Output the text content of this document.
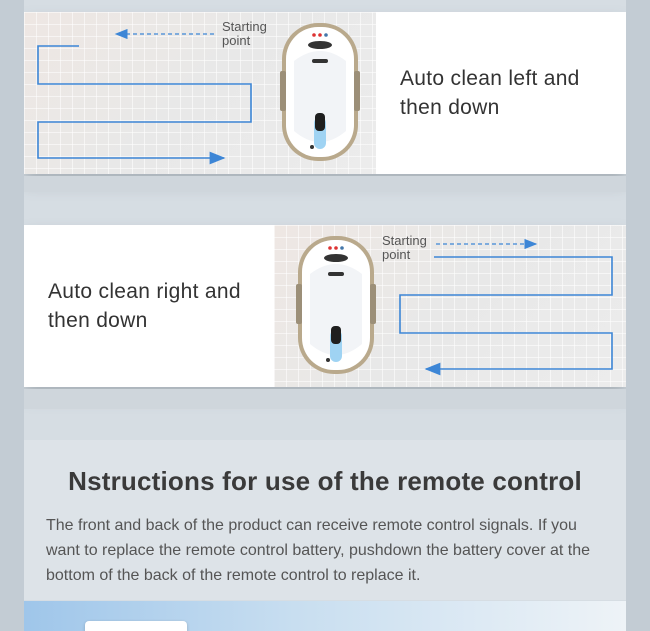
Starting
point
Auto clean left and
then down
Auto clean right and
then down
Starting
point
Nstructions for use of the remote control
The front and back of the product can receive remote control signals. If you want to replace the remote control battery, pushdown the battery cover at the bottom of the back of the remote control to replace it.
